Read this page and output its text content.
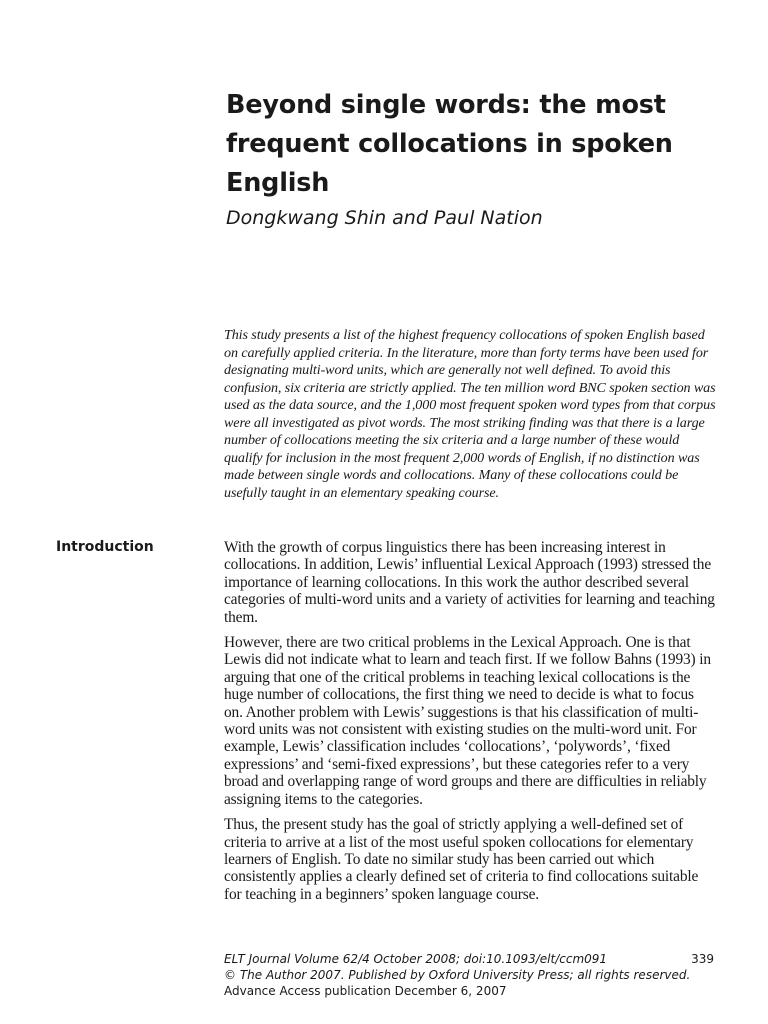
Beyond single words: the most frequent collocations in spoken English

Dongkwang Shin and Paul Nation

This study presents a list of the highest frequency collocations of spoken English based on carefully applied criteria. In the literature, more than forty terms have been used for designating multi-word units, which are generally not well defined. To avoid this confusion, six criteria are strictly applied. The ten million word BNC spoken section was used as the data source, and the 1,000 most frequent spoken word types from that corpus were all investigated as pivot words. The most striking finding was that there is a large number of collocations meeting the six criteria and a large number of these would qualify for inclusion in the most frequent 2,000 words of English, if no distinction was made between single words and collocations. Many of these collocations could be usefully taught in an elementary speaking course.

Introduction	With the growth of corpus linguistics there has been increasing interest in collocations. In addition, Lewis’ influential Lexical Approach (1993) stressed the importance of learning collocations. In this work the author described several categories of multi-word units and a variety of activities for learning and teaching them.

However, there are two critical problems in the Lexical Approach. One is that Lewis did not indicate what to learn and teach first. If we follow Bahns (1993) in arguing that one of the critical problems in teaching lexical collocations is the huge number of collocations, the first thing we need to decide is what to focus on. Another problem with Lewis’ suggestions is that his classification of multi-word units was not consistent with existing studies on the multi-word unit. For example, Lewis’ classification includes ‘collocations’, ‘polywords’, ‘fixed expressions’ and ‘semi-fixed expressions’, but these categories refer to a very broad and overlapping range of word groups and there are difficulties in reliably assigning items to the categories.

Thus, the present study has the goal of strictly applying a well-defined set of criteria to arrive at a list of the most useful spoken collocations for elementary learners of English. To date no similar study has been carried out which consistently applies a clearly defined set of criteria to find collocations suitable for teaching in a beginners’ spoken language course.

ELT Journal Volume 62/4 October 2008; doi:10.1093/elt/ccm091
© The Author 2007. Published by Oxford University Press; all rights reserved.
Advance Access publication December 6, 2007
339
